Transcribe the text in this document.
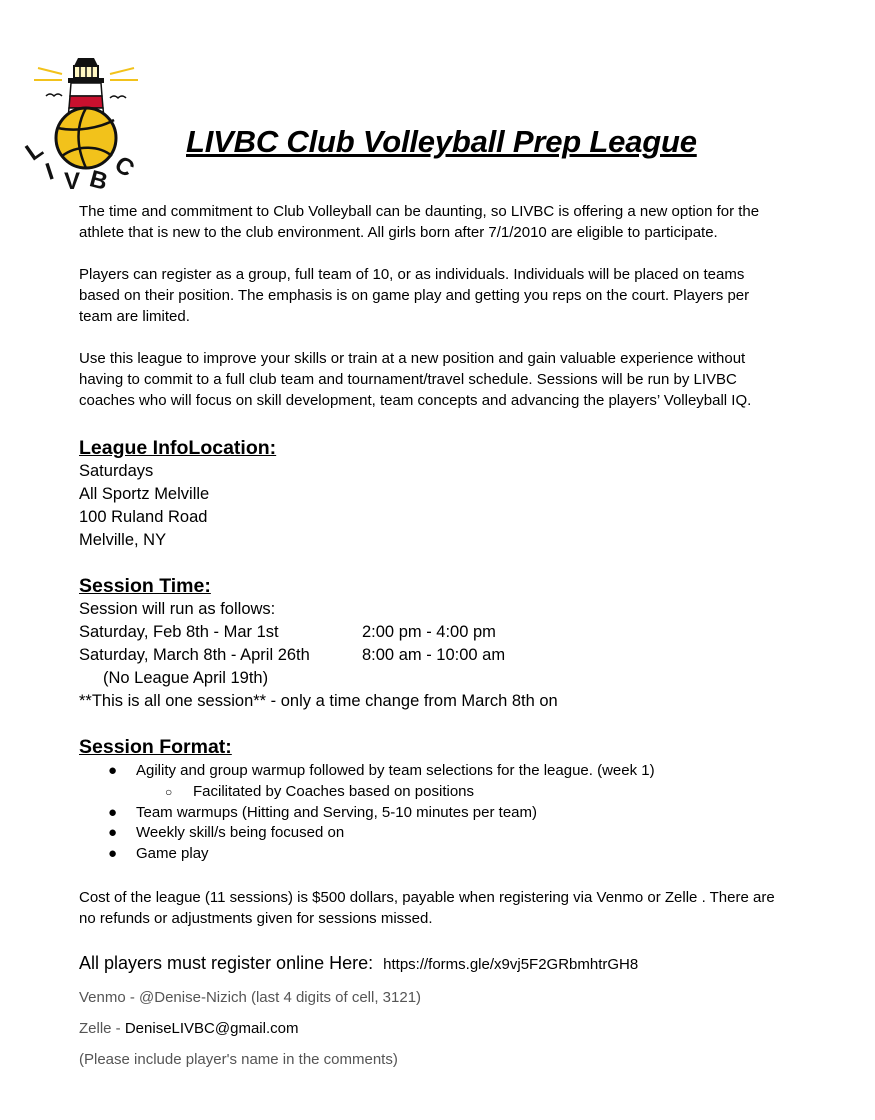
L
I V B C
LIVBC Club Volleyball Prep League

The time and commitment to Club Volleyball can be daunting, so LIVBC is offering a new option for the

athlete that is new to the club environment. All girls born after 7/1/2010 are eligible to participate.

Players can register as a group, full team of 10, or as individuals. Individuals will be placed on teams

based on their position. The emphasis is on game play and getting you reps on the court. Players per

team are limited.

Use this league to improve your skills or train at a new position and gain valuable experience without

having to commit to a full club team and tournament/travel schedule. Sessions will be run by LIVBC

coaches who will focus on skill development, team concepts and advancing the players’ Volleyball IQ.

League InfoLocation:
Saturdays
All Sportz Melville
100 Ruland Road
Melville, NY
Session Time:
Session will run as follows:
Saturday, Feb 8th - Mar 1st	2:00 pm - 4:00 pm
Saturday, March 8th - April 26th	8:00 am - 10:00 am
(No League April 19th)
**This is all one session** - only a time change from March 8th on
Session Format:
● Agility and group warmup followed by team selections for the league. (week 1)
○ Facilitated by Coaches based on positions
● Team warmups (Hitting and Serving, 5-10 minutes per team)
● Weekly skill/s being focused on
● Game play

Cost of the league (11 sessions) is $500 dollars, payable when registering via Venmo or Zelle . There are

no refunds or adjustments given for sessions missed.

All players must register online Here: https://forms.gle/x9vj5F2GRbmhtrGH8

Venmo - @Denise-Nizich (last 4 digits of cell, 3121)

Zelle - DeniseLIVBC@gmail.com

(Please include player's name in the comments)
